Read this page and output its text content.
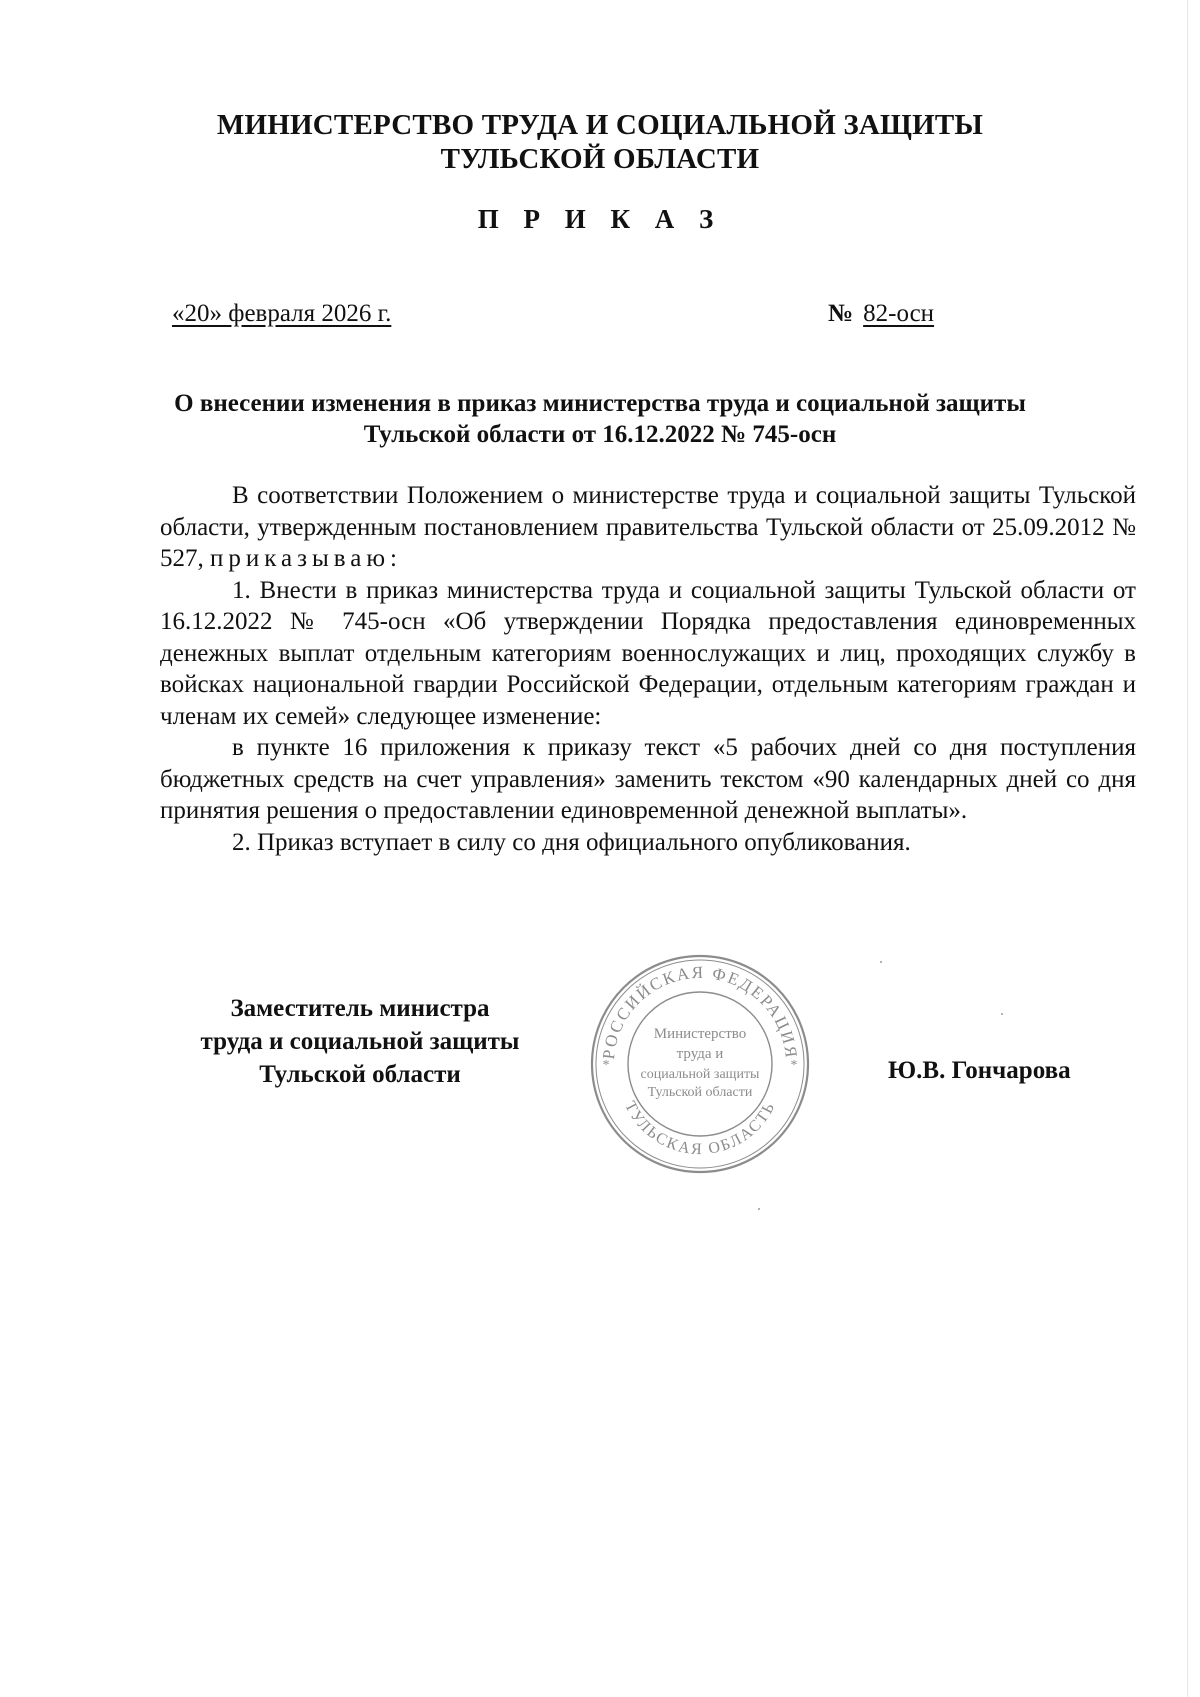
МИНИСТЕРСТВО ТРУДА И СОЦИАЛЬНОЙ ЗАЩИТЫ
ТУЛЬСКОЙ ОБЛАСТИ
П Р И К А З
«20» февраля 2026 г.	№ 82-осн
О внесении изменения в приказ министерства труда и социальной защиты
Тульской области от 16.12.2022 № 745-осн

В соответствии Положением о министерстве труда и социальной защиты Тульской области, утвержденным постановлением правительства Тульской области от 25.09.2012 № 527, приказываю:

1. Внести в приказ министерства труда и социальной защиты Тульской области от 16.12.2022 № 745-осн «Об утверждении Порядка предоставления единовременных денежных выплат отдельным категориям военнослужащих и лиц, проходящих службу в войсках национальной гвардии Российской Федерации, отдельным категориям граждан и членам их семей» следующее изменение:

в пункте 16 приложения к приказу текст «5 рабочих дней со дня поступления бюджетных средств на счет управления» заменить текстом «90 календарных дней со дня принятия решения о предоставлении единовременной денежной выплаты».

2. Приказ вступает в силу со дня официального опубликования.

Заместитель министра
труда и социальной защиты
Тульской области
РОССИЙСКАЯ ФЕДЕРАЦИЯ
ТУЛЬСКАЯ ОБЛАСТЬ
*	*
Министерство
труда и
социальной защиты
Тульской области
Ю.В. Гончарова
